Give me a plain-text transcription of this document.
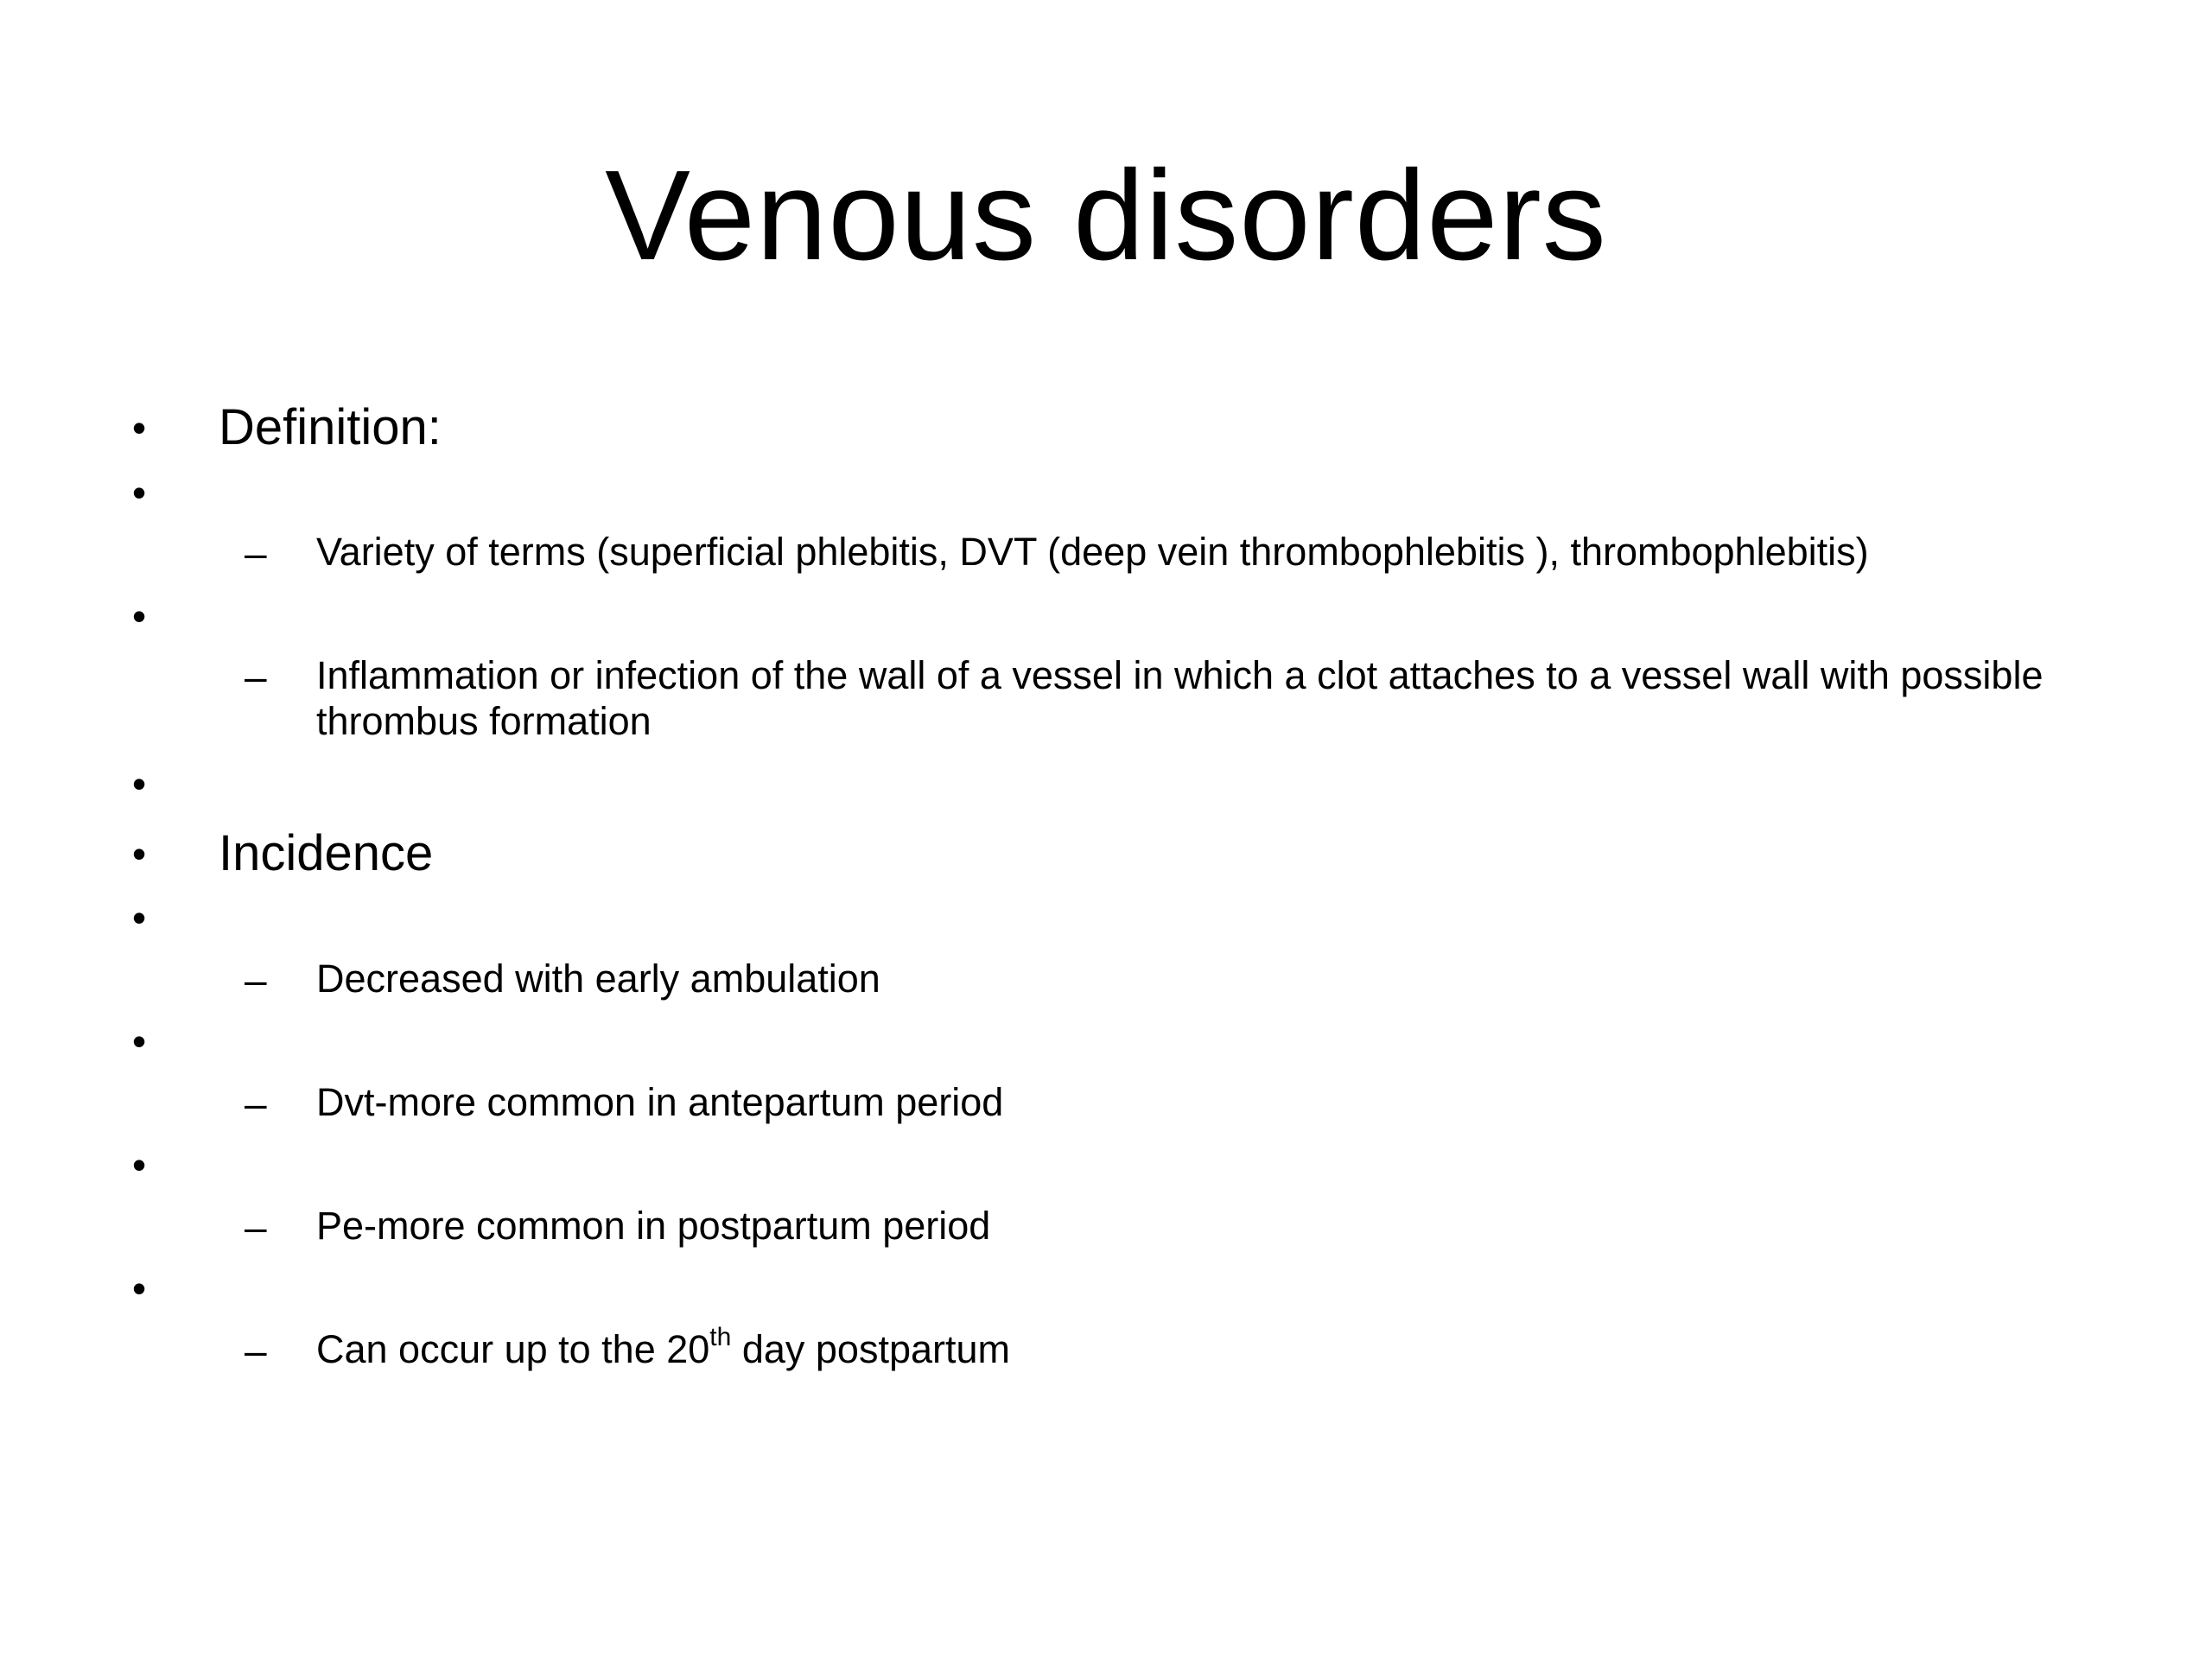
Venous disorders
• Definition:
•
– Variety of terms (superficial phlebitis, DVT (deep vein thrombophlebitis ), thrombophlebitis)
•
– Inflammation or infection of the wall of a vessel in which a clot attaches to a vessel wall with possible thrombus formation
•
• Incidence
•
– Decreased with early ambulation
•
– Dvt-more common in antepartum period
•
– Pe-more common in postpartum period
•
– Can occur up to the 20th day postpartum
